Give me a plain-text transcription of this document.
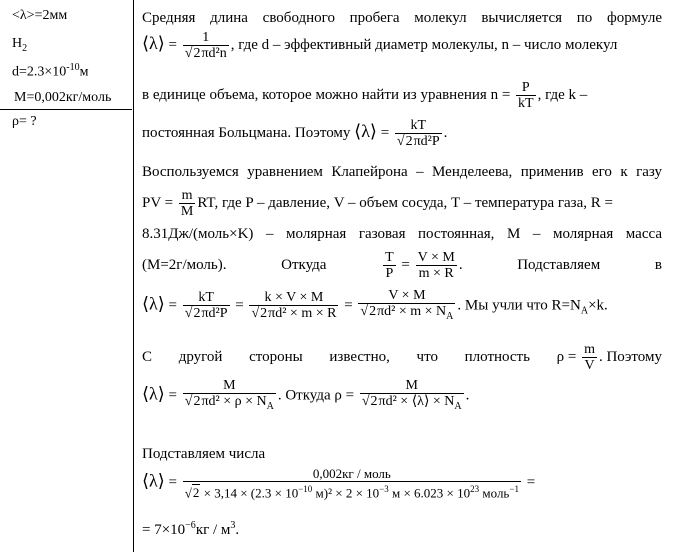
<λ>=2мм
$H_2$
$d=2.3\times 10^{-10}м$
M=0,002кг/моль
ρ= ?
Средняя длина свободного пробега молекул вычисляется по формуле
⟨λ⟩ = $\frac{1}{\text{√2πd²n}}$ , где d – эффективный диаметр молекулы, n – число молекул
в единице объема, которое можно найти из уравнения $n = \frac{P}{kT}$ , где k –
постоянная Больцмана. Поэтому ⟨λ⟩ = $\frac{kT}{\text{√2πd²P}}$ .
Воспользуемся уравнением Клапейрона – Менделеева, применив его к газу
PV = $\frac{m}{M}$ RT, где P – давление, V – объем сосуда, T – температура газа, R =
8.31Дж/(моль×K) – молярная газовая постоянная, M – молярная масса
(M=2г/моль).	Откуда	$\frac{T}{P} = \frac{V \times M}{m \times R}$ .	Подставляем	в
⟨λ⟩ = $\frac{kT}{\text{√2πd²P}} = \frac{k \times V \times M}{\text{√2πd² × m × R}} = \frac{V \times M}{√2\pi d^2 \times m \times N_A}$ . Мы учли что $R=N_A\times k$.
С другой стороны известно, что плотность $\rho = \frac{m}{V}$ . Поэтому
⟨λ⟩ = $\frac{M}{√2\pi d^2 \times \rho \times N_A}$ . Откуда $\rho = \frac{M}{√2\pi d^2 \times ⟨\lambda⟩ \times N_A}$ .
Подставляем числа
⟨λ⟩ =
0,002кг / моль
$√2 \times 3,14 \times (2.3 \times 10^{-10}$ $м)^2 \times 2 \times 10^{-3}$ $м \times 6.023 \times 10^{23}$ моль$^{-1}$ =
= $7\times 10^{-6}кг / м^3$.
